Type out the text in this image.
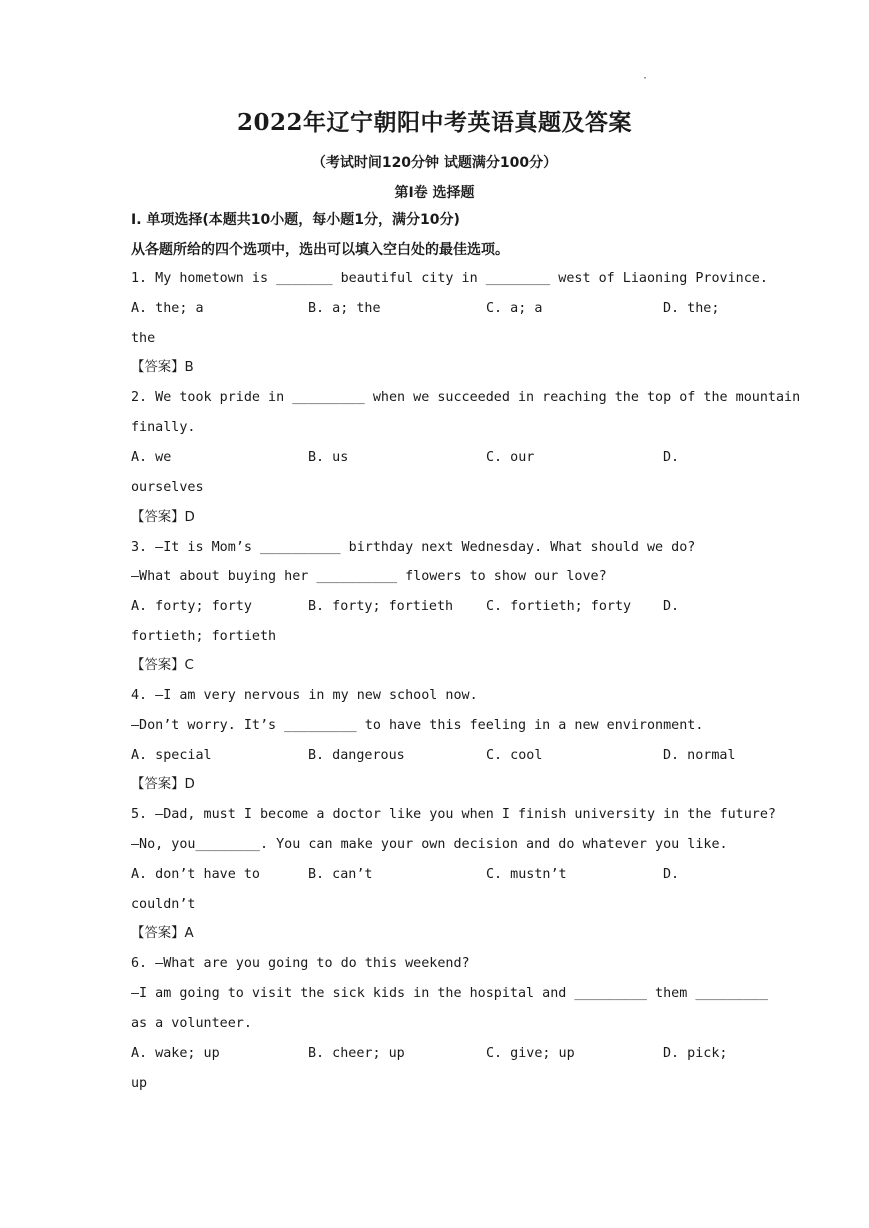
·
2022年辽宁朝阳中考英语真题及答案
（考试时间120分钟 试题满分100分）
第Ⅰ卷 选择题
Ⅰ. 单项选择(本题共10小题，每小题1分，满分10分)
从各题所给的四个选项中，选出可以填入空白处的最佳选项。
1. My hometown is _______ beautiful city in ________ west of Liaoning Province.
A. the; a	B. a; the	C. a; a	D. the;
the
【答案】B
2. We took pride in _________ when we succeeded in reaching the top of the mountain
finally.
A. we	B. us	C. our	D.
ourselves
【答案】D
3. —It is Mom’s __________ birthday next Wednesday. What should we do?
—What about buying her __________ flowers to show our love?
A. forty; forty	B. forty; fortieth C. fortieth; forty D.
fortieth; fortieth
【答案】C
4. —I am very nervous in my new school now.
—Don’t worry. It’s _________ to have this feeling in a new environment.
A. special	B. dangerous	C. cool	D. normal
【答案】D
5. —Dad, must I become a doctor like you when I finish university in the future?
—No, you________. You can make your own decision and do whatever you like.
A. don’t have to	B. can’t	C. mustn’t	D.
couldn’t
【答案】A
6. —What are you going to do this weekend?
—I am going to visit the sick kids in the hospital and _________ them _________
as a volunteer.
A. wake; up	B. cheer; up	C. give; up	D. pick;
up
